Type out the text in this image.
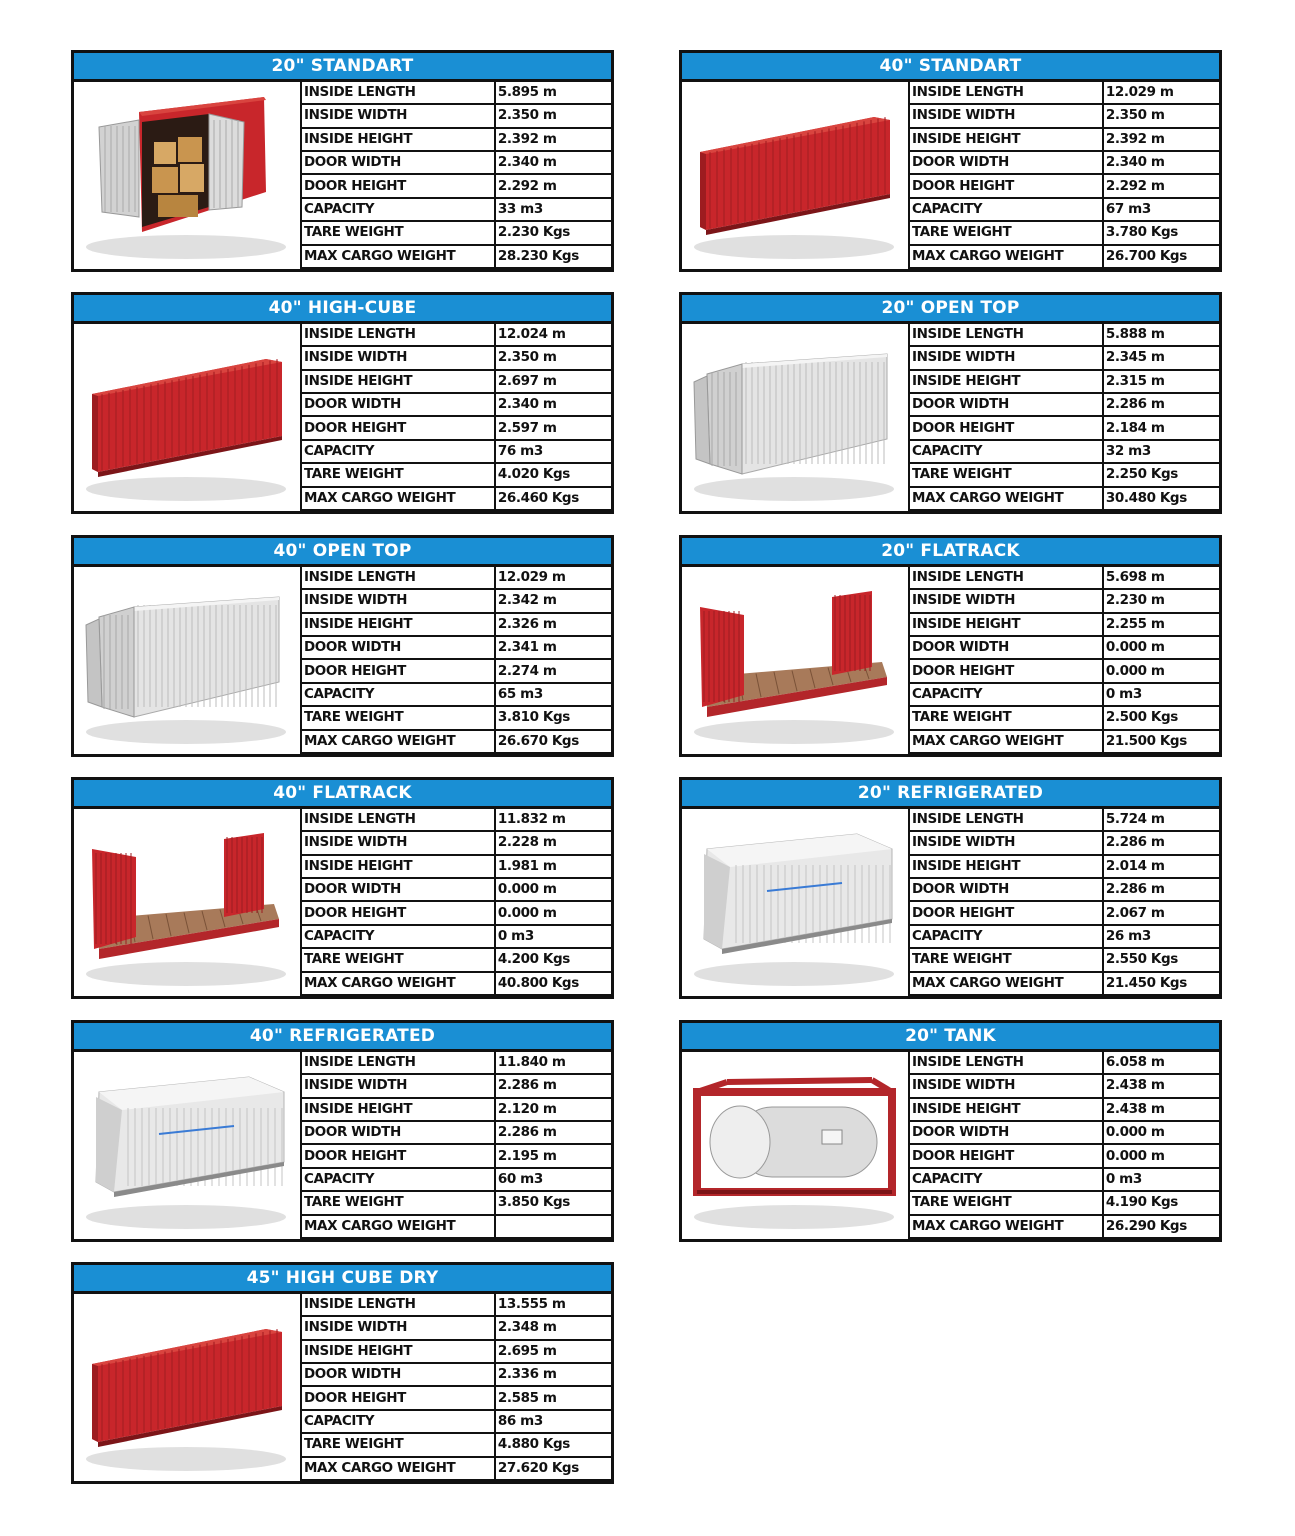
20" STANDART
INSIDE LENGTH	5.895 m
INSIDE WIDTH	2.350 m
INSIDE HEIGHT	2.392 m
DOOR WIDTH	2.340 m
DOOR HEIGHT	2.292 m
CAPACITY	33 m3
TARE WEIGHT	2.230 Kgs
MAX CARGO WEIGHT	28.230 Kgs
40" STANDART
INSIDE LENGTH	12.029 m
INSIDE WIDTH	2.350 m
INSIDE HEIGHT	2.392 m
DOOR WIDTH	2.340 m
DOOR HEIGHT	2.292 m
CAPACITY	67 m3
TARE WEIGHT	3.780 Kgs
MAX CARGO WEIGHT	26.700 Kgs
40" HIGH-CUBE
INSIDE LENGTH	12.024 m
INSIDE WIDTH	2.350 m
INSIDE HEIGHT	2.697 m
DOOR WIDTH	2.340 m
DOOR HEIGHT	2.597 m
CAPACITY	76 m3
TARE WEIGHT	4.020 Kgs
MAX CARGO WEIGHT	26.460 Kgs
20" OPEN TOP
INSIDE LENGTH	5.888 m
INSIDE WIDTH	2.345 m
INSIDE HEIGHT	2.315 m
DOOR WIDTH	2.286 m
DOOR HEIGHT	2.184 m
CAPACITY	32 m3
TARE WEIGHT	2.250 Kgs
MAX CARGO WEIGHT	30.480 Kgs
40" OPEN TOP
INSIDE LENGTH	12.029 m
INSIDE WIDTH	2.342 m
INSIDE HEIGHT	2.326 m
DOOR WIDTH	2.341 m
DOOR HEIGHT	2.274 m
CAPACITY	65 m3
TARE WEIGHT	3.810 Kgs
MAX CARGO WEIGHT	26.670 Kgs
20" FLATRACK
INSIDE LENGTH	5.698 m
INSIDE WIDTH	2.230 m
INSIDE HEIGHT	2.255 m
DOOR WIDTH	0.000 m
DOOR HEIGHT	0.000 m
CAPACITY	0 m3
TARE WEIGHT	2.500 Kgs
MAX CARGO WEIGHT	21.500 Kgs
40" FLATRACK
INSIDE LENGTH	11.832 m
INSIDE WIDTH	2.228 m
INSIDE HEIGHT	1.981 m
DOOR WIDTH	0.000 m
DOOR HEIGHT	0.000 m
CAPACITY	0 m3
TARE WEIGHT	4.200 Kgs
MAX CARGO WEIGHT	40.800 Kgs
20" REFRIGERATED
INSIDE LENGTH	5.724 m
INSIDE WIDTH	2.286 m
INSIDE HEIGHT	2.014 m
DOOR WIDTH	2.286 m
DOOR HEIGHT	2.067 m
CAPACITY	26 m3
TARE WEIGHT	2.550 Kgs
MAX CARGO WEIGHT	21.450 Kgs
40" REFRIGERATED
INSIDE LENGTH	11.840 m
INSIDE WIDTH	2.286 m
INSIDE HEIGHT	2.120 m
DOOR WIDTH	2.286 m
DOOR HEIGHT	2.195 m
CAPACITY	60 m3
TARE WEIGHT	3.850 Kgs
MAX CARGO WEIGHT	
20" TANK
INSIDE LENGTH	6.058 m
INSIDE WIDTH	2.438 m
INSIDE HEIGHT	2.438 m
DOOR WIDTH	0.000 m
DOOR HEIGHT	0.000 m
CAPACITY	0 m3
TARE WEIGHT	4.190 Kgs
MAX CARGO WEIGHT	26.290 Kgs
45" HIGH CUBE DRY
INSIDE LENGTH	13.555 m
INSIDE WIDTH	2.348 m
INSIDE HEIGHT	2.695 m
DOOR WIDTH	2.336 m
DOOR HEIGHT	2.585 m
CAPACITY	86 m3
TARE WEIGHT	4.880 Kgs
MAX CARGO WEIGHT	27.620 Kgs
